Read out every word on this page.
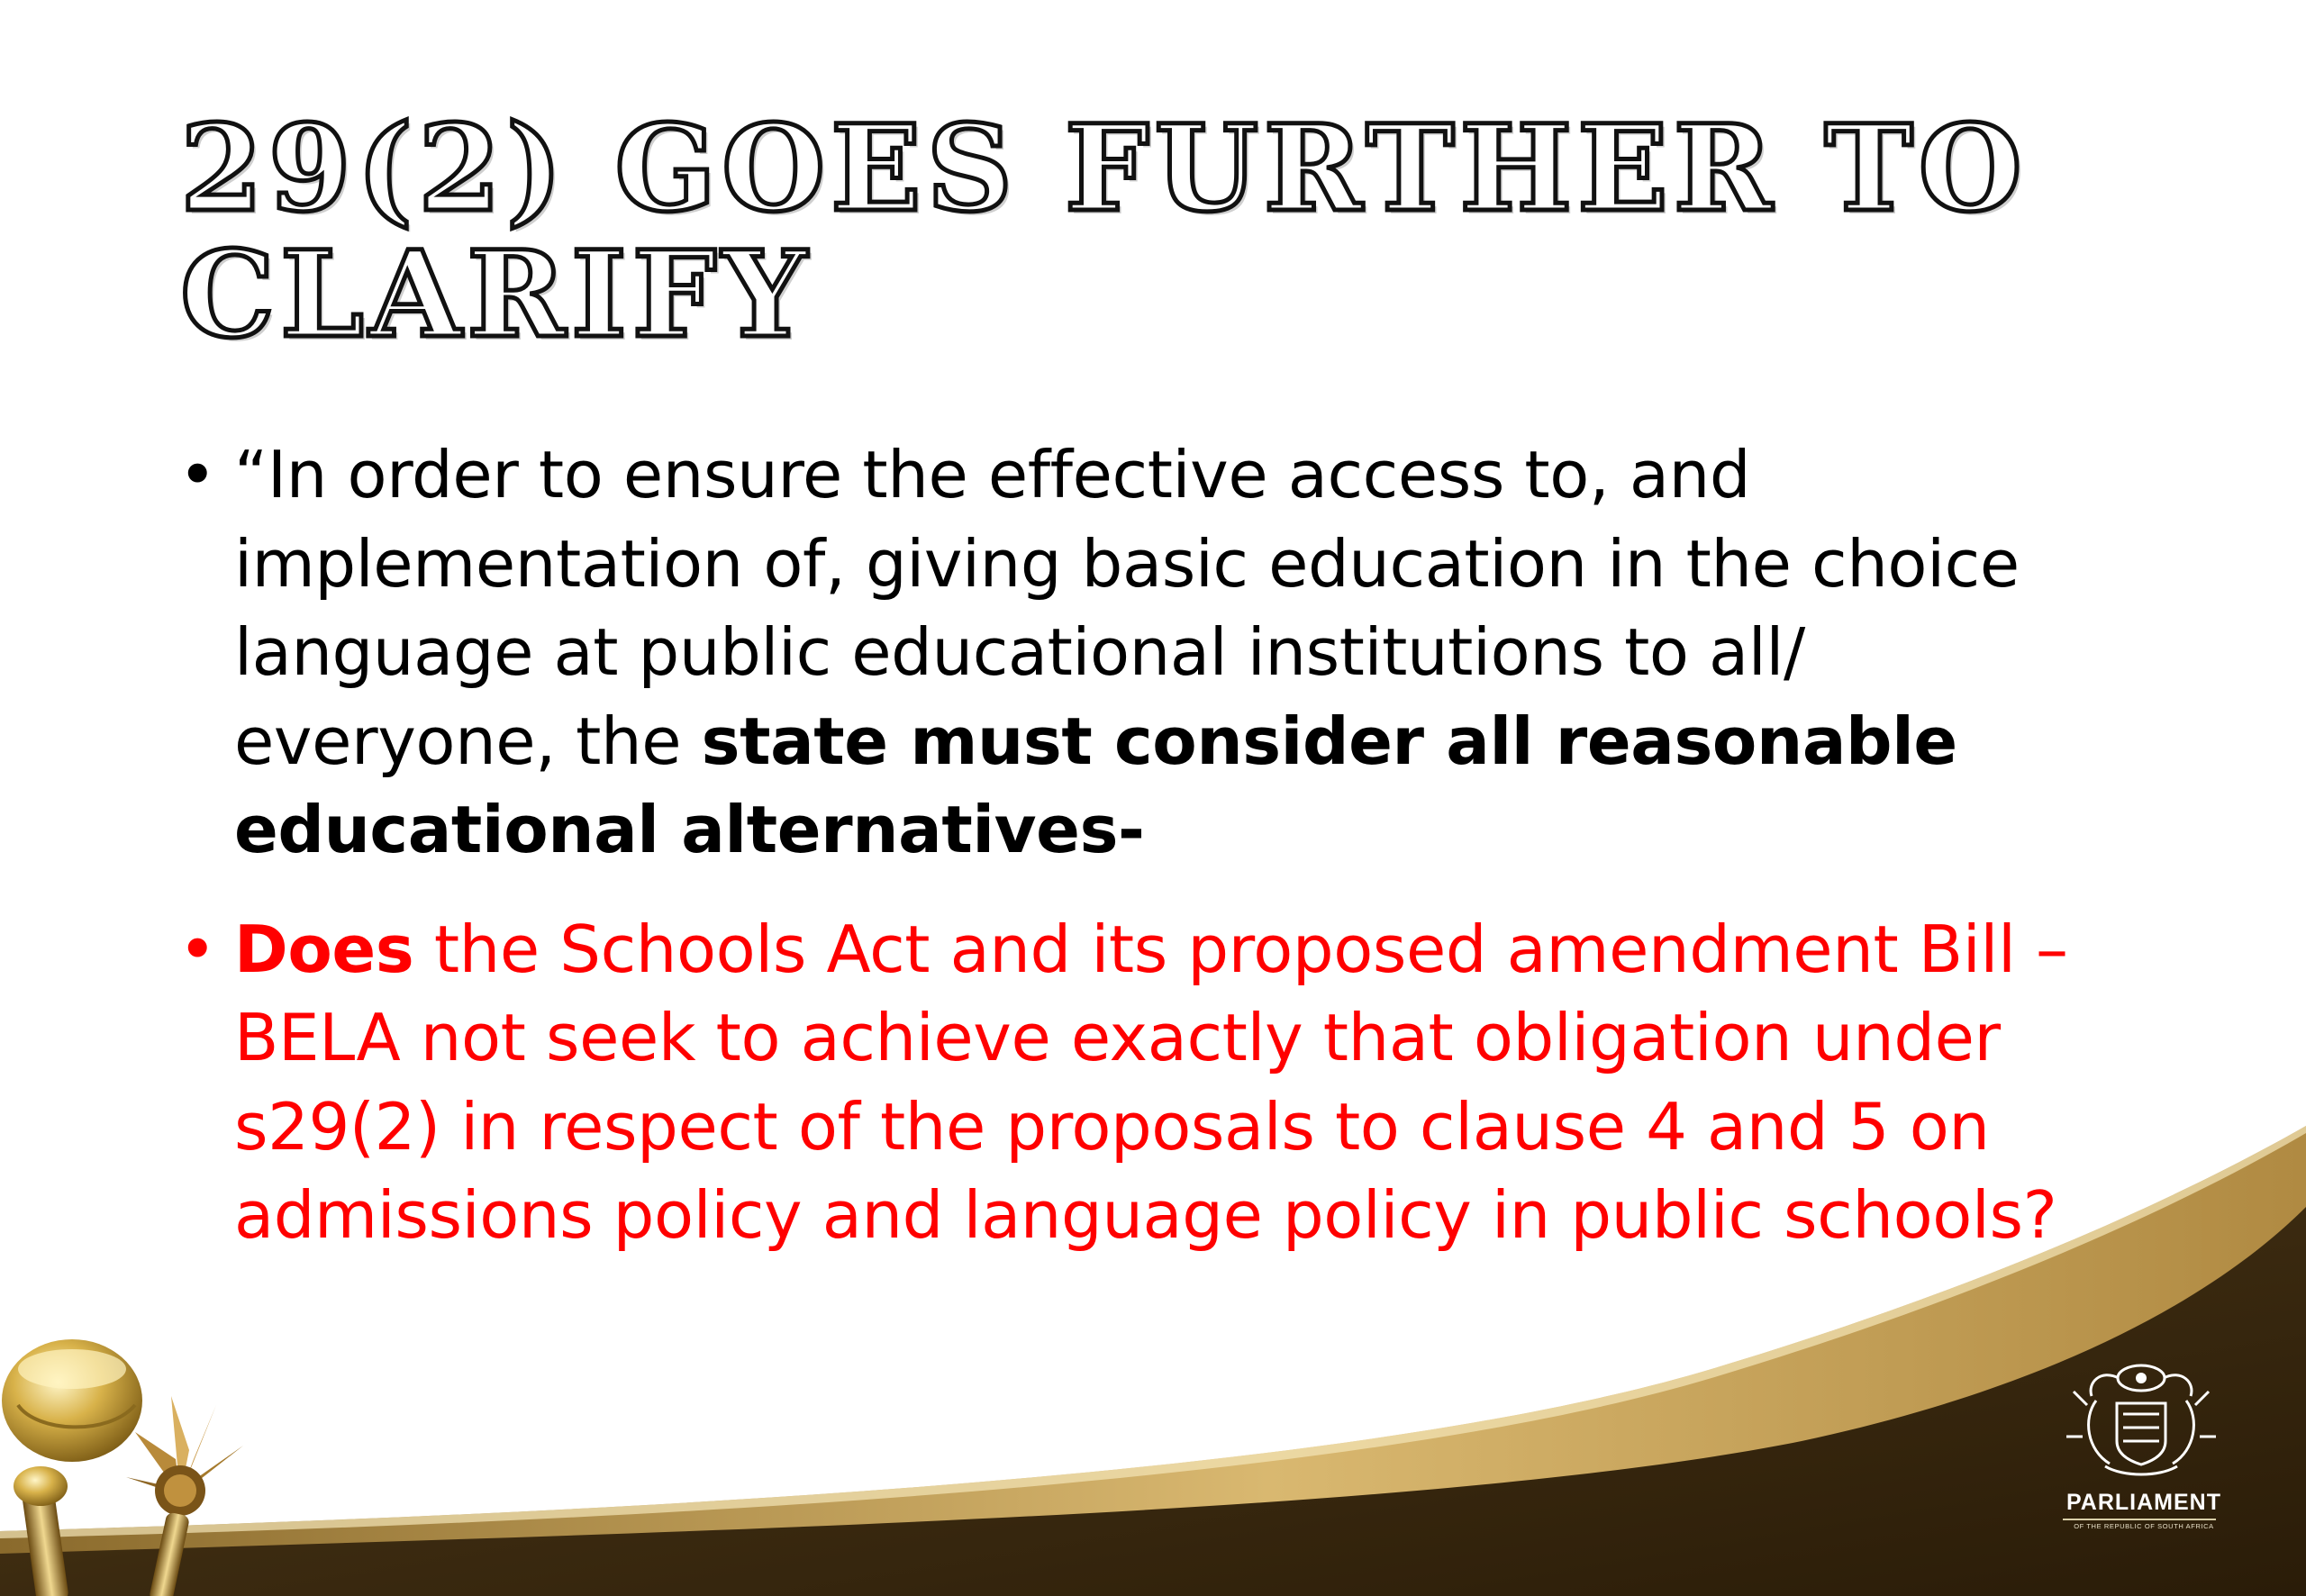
29(2) GOES FURTHER TO CLARIFY
• “In order to ensure the effective access to, and implementation of, giving basic education in the choice language at public educational institutions to all/ everyone, the state must consider all reasonable educational alternatives-
• Does the Schools Act and its proposed amendment Bill – BELA not seek to achieve exactly that obligation under s29(2) in respect of the proposals to clause 4 and 5 on admissions policy and language policy in public schools?
PARLIAMENT
OF THE REPUBLIC OF SOUTH AFRICA
